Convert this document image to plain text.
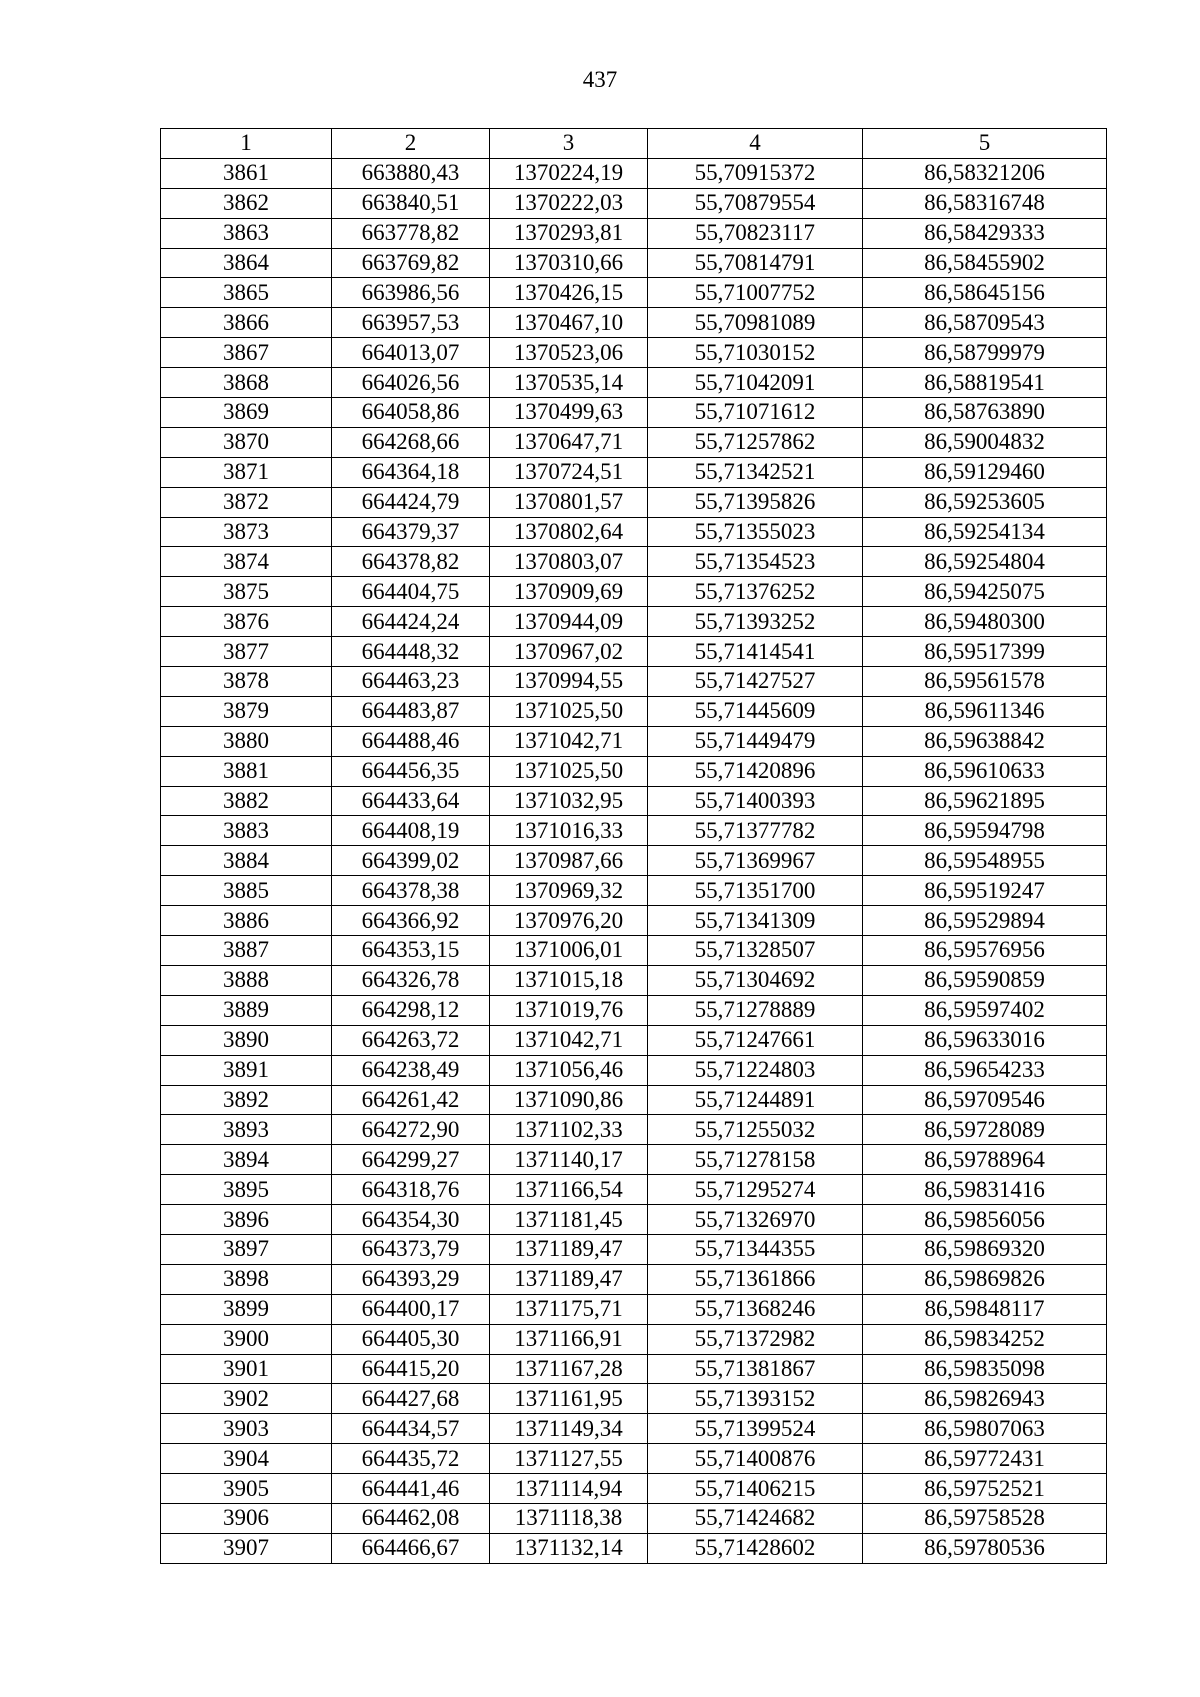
437
1	2	3	4	5
3861	663880,43	1370224,19	55,70915372	86,58321206
3862	663840,51	1370222,03	55,70879554	86,58316748
3863	663778,82	1370293,81	55,70823117	86,58429333
3864	663769,82	1370310,66	55,70814791	86,58455902
3865	663986,56	1370426,15	55,71007752	86,58645156
3866	663957,53	1370467,10	55,70981089	86,58709543
3867	664013,07	1370523,06	55,71030152	86,58799979
3868	664026,56	1370535,14	55,71042091	86,58819541
3869	664058,86	1370499,63	55,71071612	86,58763890
3870	664268,66	1370647,71	55,71257862	86,59004832
3871	664364,18	1370724,51	55,71342521	86,59129460
3872	664424,79	1370801,57	55,71395826	86,59253605
3873	664379,37	1370802,64	55,71355023	86,59254134
3874	664378,82	1370803,07	55,71354523	86,59254804
3875	664404,75	1370909,69	55,71376252	86,59425075
3876	664424,24	1370944,09	55,71393252	86,59480300
3877	664448,32	1370967,02	55,71414541	86,59517399
3878	664463,23	1370994,55	55,71427527	86,59561578
3879	664483,87	1371025,50	55,71445609	86,59611346
3880	664488,46	1371042,71	55,71449479	86,59638842
3881	664456,35	1371025,50	55,71420896	86,59610633
3882	664433,64	1371032,95	55,71400393	86,59621895
3883	664408,19	1371016,33	55,71377782	86,59594798
3884	664399,02	1370987,66	55,71369967	86,59548955
3885	664378,38	1370969,32	55,71351700	86,59519247
3886	664366,92	1370976,20	55,71341309	86,59529894
3887	664353,15	1371006,01	55,71328507	86,59576956
3888	664326,78	1371015,18	55,71304692	86,59590859
3889	664298,12	1371019,76	55,71278889	86,59597402
3890	664263,72	1371042,71	55,71247661	86,59633016
3891	664238,49	1371056,46	55,71224803	86,59654233
3892	664261,42	1371090,86	55,71244891	86,59709546
3893	664272,90	1371102,33	55,71255032	86,59728089
3894	664299,27	1371140,17	55,71278158	86,59788964
3895	664318,76	1371166,54	55,71295274	86,59831416
3896	664354,30	1371181,45	55,71326970	86,59856056
3897	664373,79	1371189,47	55,71344355	86,59869320
3898	664393,29	1371189,47	55,71361866	86,59869826
3899	664400,17	1371175,71	55,71368246	86,59848117
3900	664405,30	1371166,91	55,71372982	86,59834252
3901	664415,20	1371167,28	55,71381867	86,59835098
3902	664427,68	1371161,95	55,71393152	86,59826943
3903	664434,57	1371149,34	55,71399524	86,59807063
3904	664435,72	1371127,55	55,71400876	86,59772431
3905	664441,46	1371114,94	55,71406215	86,59752521
3906	664462,08	1371118,38	55,71424682	86,59758528
3907	664466,67	1371132,14	55,71428602	86,59780536
